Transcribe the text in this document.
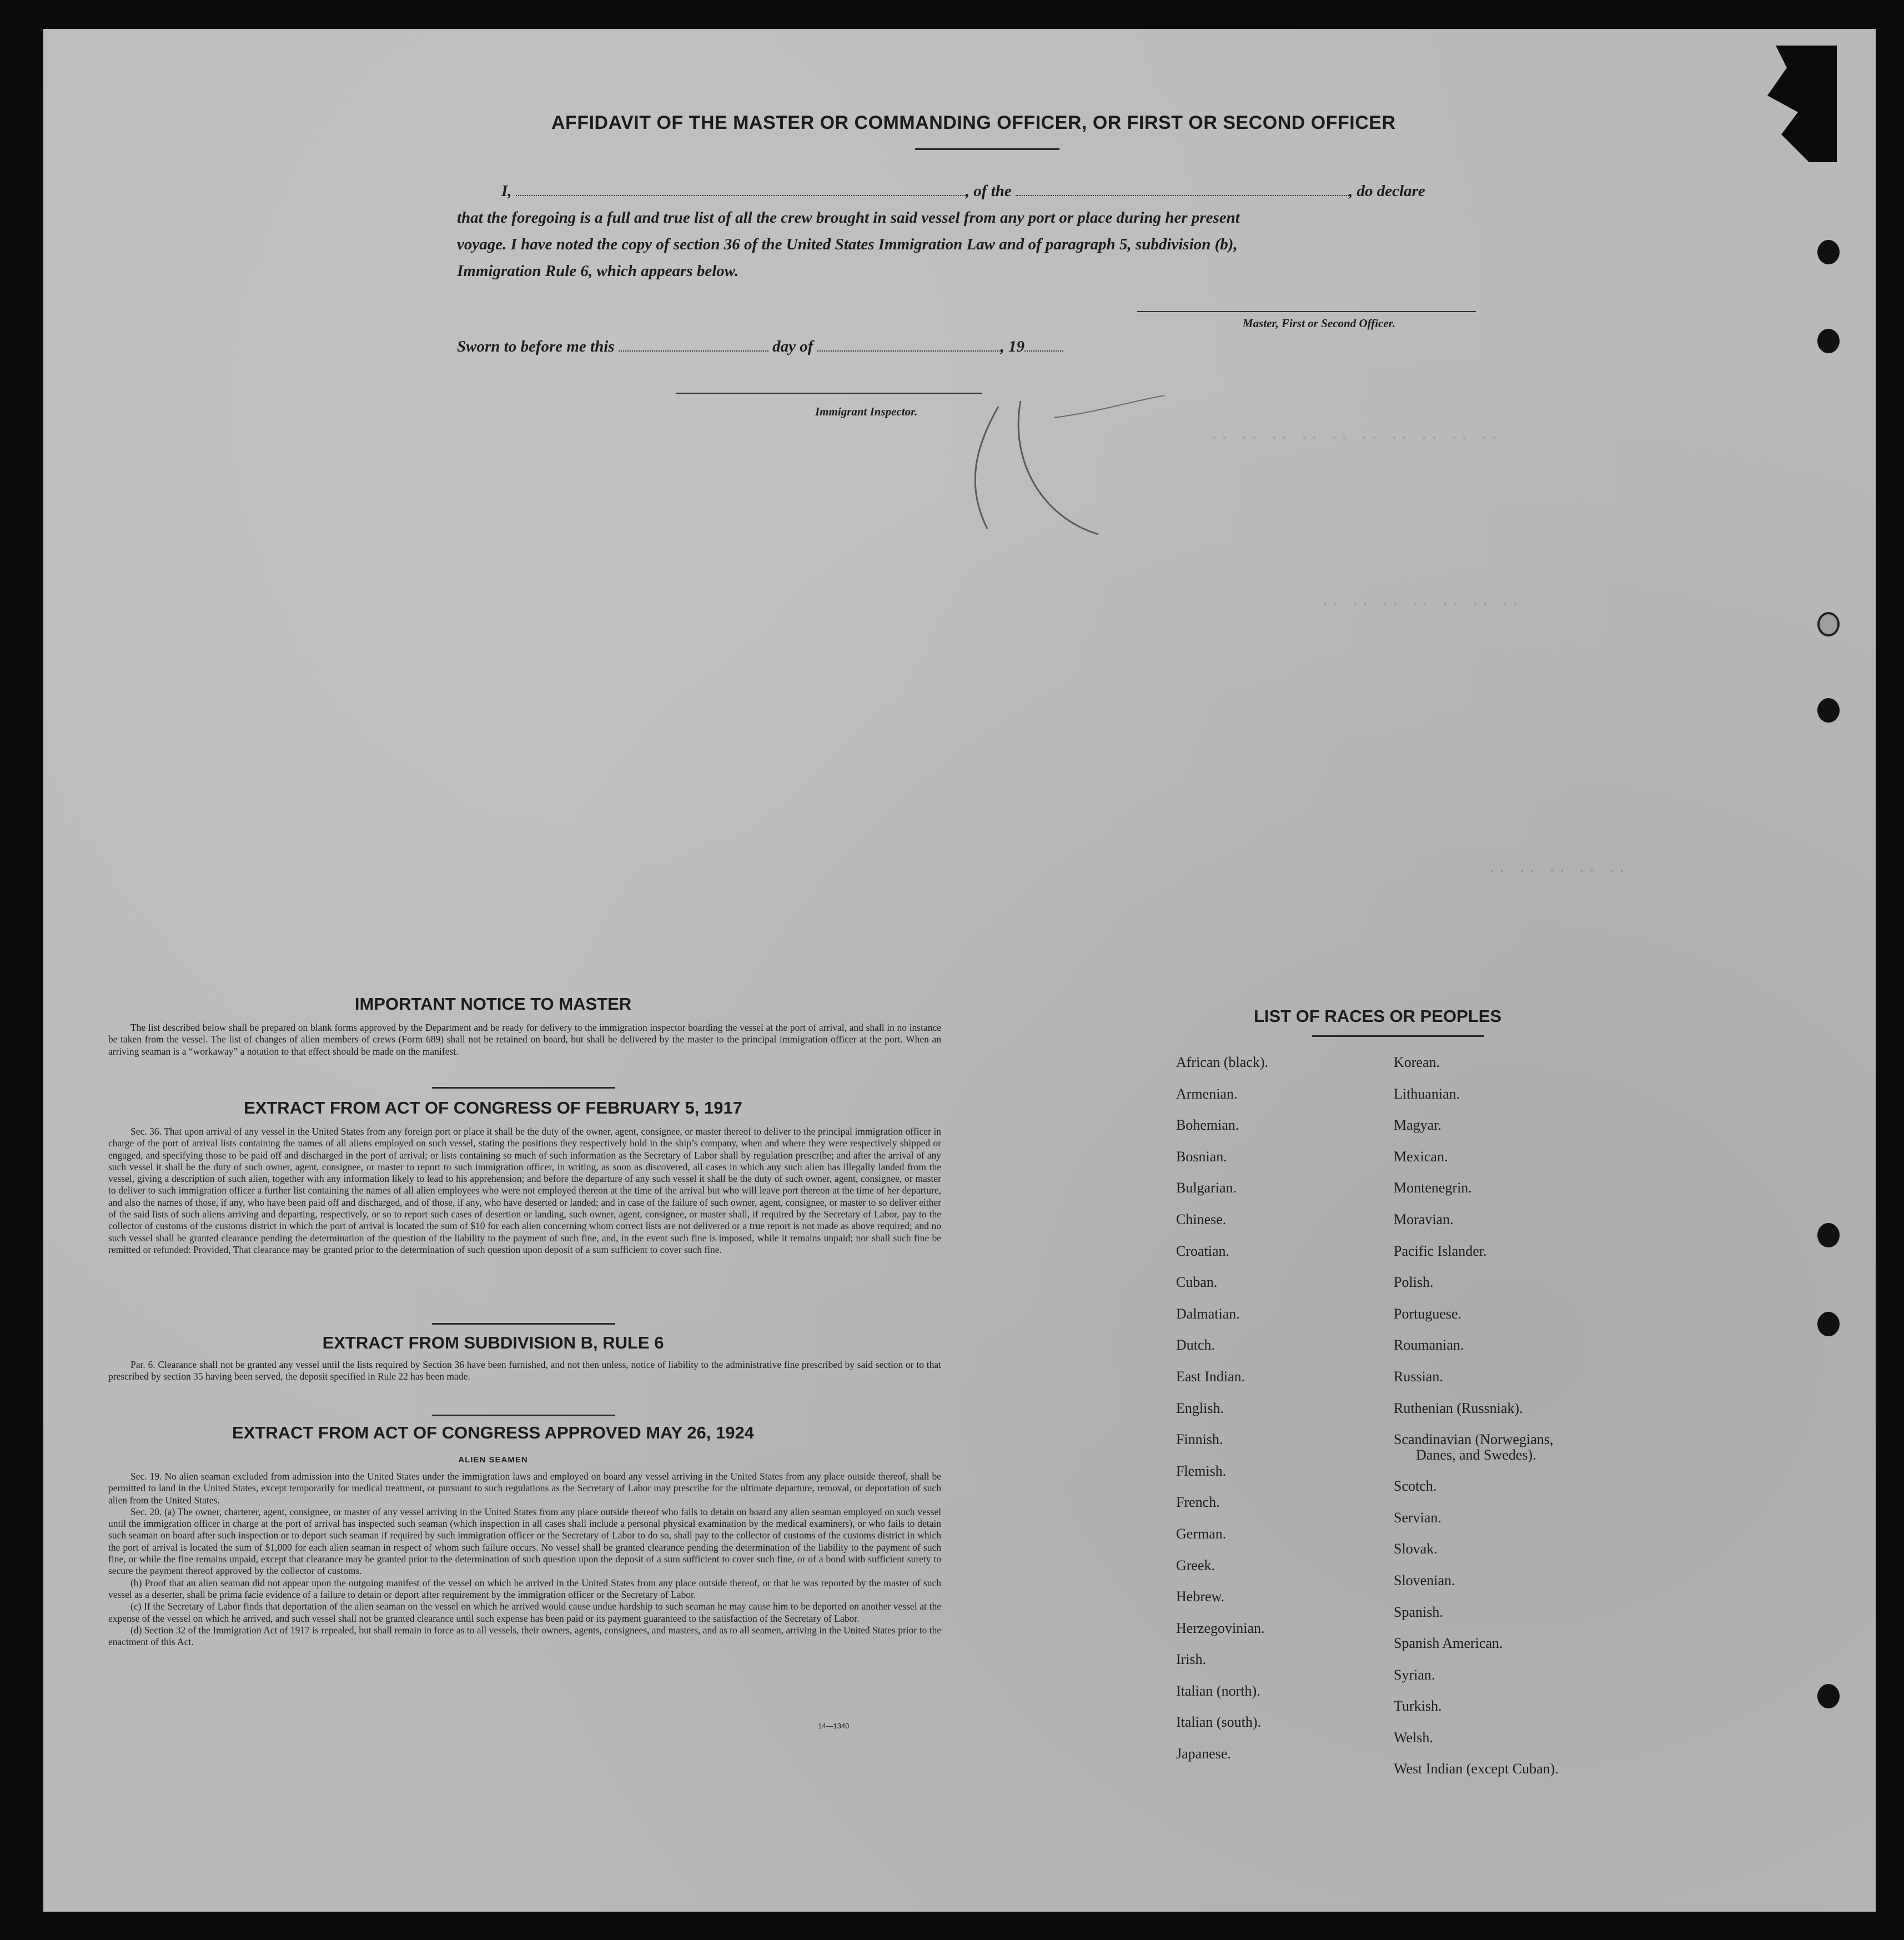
·· ·· ·· ·· ·· ·· ·· ·· ·· ··
·· ·· ·· ·· ·· ·· ··
·· ·· ·· ·· ··
AFFIDAVIT OF THE MASTER OR COMMANDING OFFICER, OR FIRST OR SECOND OFFICER
I,	, of the	, do declare
that the foregoing is a full and true list of all the crew brought in said vessel from any port or place during her present
voyage. I have noted the copy of section 36 of the United States Immigration Law and of paragraph 5, subdivision (b),
Immigration Rule 6, which appears below.
Master, First or Second Officer.
Sworn to before me this	day of	, 19
Immigrant Inspector.
IMPORTANT NOTICE TO MASTER

The list described below shall be prepared on blank forms approved by the Department and be ready for delivery to the immigration inspector boarding the vessel at the port of arrival, and shall in no instance be taken from the vessel. The list of changes of alien members of crews (Form 689) shall not be retained on board, but shall be delivered by the master to the principal immigration officer at the port. When an arriving seaman is a “workaway” a notation to that effect should be made on the manifest.

EXTRACT FROM ACT OF CONGRESS OF FEBRUARY 5, 1917

Sec. 36. That upon arrival of any vessel in the United States from any foreign port or place it shall be the duty of the owner, agent, consignee, or master thereof to deliver to the principal immigration officer in charge of the port of arrival lists containing the names of all aliens employed on such vessel, stating the positions they respectively hold in the ship’s company, when and where they were respectively shipped or engaged, and specifying those to be paid off and discharged in the port of arrival; or lists containing so much of such information as the Secretary of Labor shall by regulation prescribe; and after the arrival of any such vessel it shall be the duty of such owner, agent, consignee, or master to report to such immigration officer, in writing, as soon as discovered, all cases in which any such alien has illegally landed from the vessel, giving a description of such alien, together with any information likely to lead to his apprehension; and before the departure of any such vessel it shall be the duty of such owner, agent, consignee, or master to deliver to such immigration officer a further list containing the names of all alien employees who were not employed thereon at the time of the arrival but who will leave port thereon at the time of her departure, and also the names of those, if any, who have been paid off and discharged, and of those, if any, who have deserted or landed; and in case of the failure of such owner, agent, consignee, or master to so deliver either of the said lists of such aliens arriving and departing, respectively, or so to report such cases of desertion or landing, such owner, agent, consignee, or master shall, if required by the Secretary of Labor, pay to the collector of customs of the customs district in which the port of arrival is located the sum of $10 for each alien concerning whom correct lists are not delivered or a true report is not made as above required; and no such vessel shall be granted clearance pending the determination of the question of the liability to the payment of such fine, and, in the event such fine is imposed, while it remains unpaid; nor shall such fine be remitted or refunded: Provided, That clearance may be granted prior to the determination of such question upon deposit of a sum sufficient to cover such fine.

EXTRACT FROM SUBDIVISION B, RULE 6

Par. 6. Clearance shall not be granted any vessel until the lists required by Section 36 have been furnished, and not then unless, notice of liability to the administrative fine prescribed by said section or to that prescribed by section 35 having been served, the deposit specified in Rule 22 has been made.

EXTRACT FROM ACT OF CONGRESS APPROVED MAY 26, 1924
ALIEN SEAMEN

Sec. 19. No alien seaman excluded from admission into the United States under the immigration laws and employed on board any vessel arriving in the United States from any place outside thereof, shall be permitted to land in the United States, except temporarily for medical treatment, or pursuant to such regulations as the Secretary of Labor may prescribe for the ultimate departure, removal, or deportation of such alien from the United States.

Sec. 20. (a) The owner, charterer, agent, consignee, or master of any vessel arriving in the United States from any place outside thereof who fails to detain on board any alien seaman employed on such vessel until the immigration officer in charge at the port of arrival has inspected such seaman (which inspection in all cases shall include a personal physical examination by the medical examiners), or who fails to detain such seaman on board after such inspection or to deport such seaman if required by such immigration officer or the Secretary of Labor to do so, shall pay to the collector of customs of the customs district in which the port of arrival is located the sum of $1,000 for each alien seaman in respect of whom such failure occurs. No vessel shall be granted clearance pending the determination of the liability to the payment of such fine, or while the fine remains unpaid, except that clearance may be granted prior to the determination of such question upon the deposit of a sum sufficient to cover such fine, or of a bond with sufficient surety to secure the payment thereof approved by the collector of customs.

(b) Proof that an alien seaman did not appear upon the outgoing manifest of the vessel on which he arrived in the United States from any place outside thereof, or that he was reported by the master of such vessel as a deserter, shall be prima facie evidence of a failure to detain or deport after requirement by the immigration officer or the Secretary of Labor.

(c) If the Secretary of Labor finds that deportation of the alien seaman on the vessel on which he arrived would cause undue hardship to such seaman he may cause him to be deported on another vessel at the expense of the vessel on which he arrived, and such vessel shall not be granted clearance until such expense has been paid or its payment guaranteed to the satisfaction of the Secretary of Labor.

(d) Section 32 of the Immigration Act of 1917 is repealed, but shall remain in force as to all vessels, their owners, agents, consignees, and masters, and as to all seamen, arriving in the United States prior to the enactment of this Act.

14—1340
LIST OF RACES OR PEOPLES
African (black).
Armenian.
Bohemian.
Bosnian.
Bulgarian.
Chinese.
Croatian.
Cuban.
Dalmatian.
Dutch.
East Indian.
English.
Finnish.
Flemish.
French.
German.
Greek.
Hebrew.
Herzegovinian.
Irish.
Italian (north).
Italian (south).
Japanese.
Korean.
Lithuanian.
Magyar.
Mexican.
Montenegrin.
Moravian.
Pacific Islander.
Polish.
Portuguese.
Roumanian.
Russian.
Ruthenian (Russniak).
Scandinavian (Norwegians,
Danes, and Swedes).
Scotch.
Servian.
Slovak.
Slovenian.
Spanish.
Spanish American.
Syrian.
Turkish.
Welsh.
West Indian (except Cuban).
